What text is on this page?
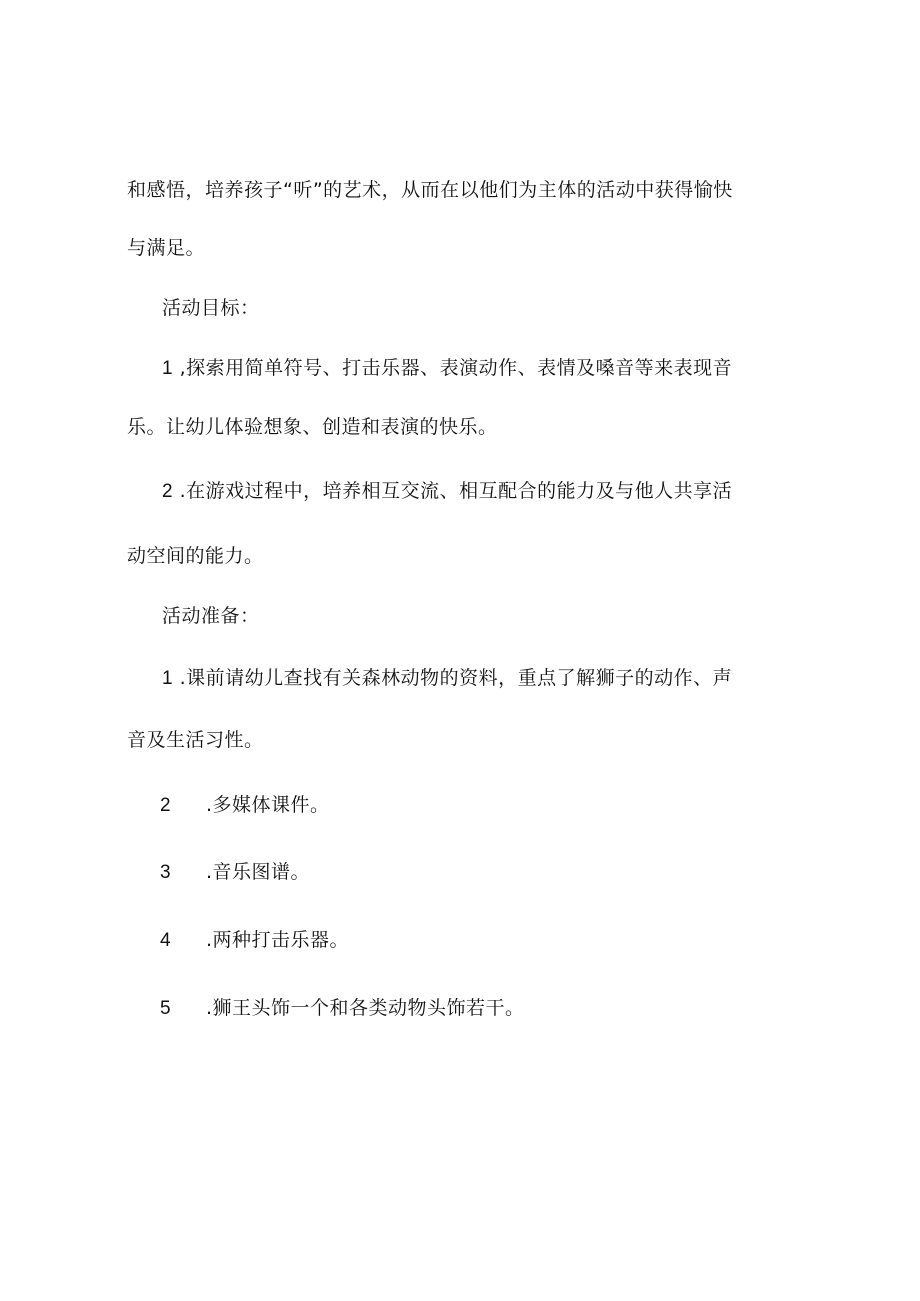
和感悟，培养孩子“听”的艺术，从而在以他们为主体的活动中获得愉快
与满足。
活动目标：
1 ,探索用简单符号、打击乐器、表演动作、表情及嗓音等来表现音
乐。让幼儿体验想象、创造和表演的快乐。
2 .在游戏过程中，培养相互交流、相互配合的能力及与他人共享活
动空间的能力。
活动准备：
1 .课前请幼儿查找有关森林动物的资料，重点了解狮子的动作、声
音及生活习性。
2 .多媒体课件。
3 .音乐图谱。
4 .两种打击乐器。
5 .狮王头饰一个和各类动物头饰若干。
